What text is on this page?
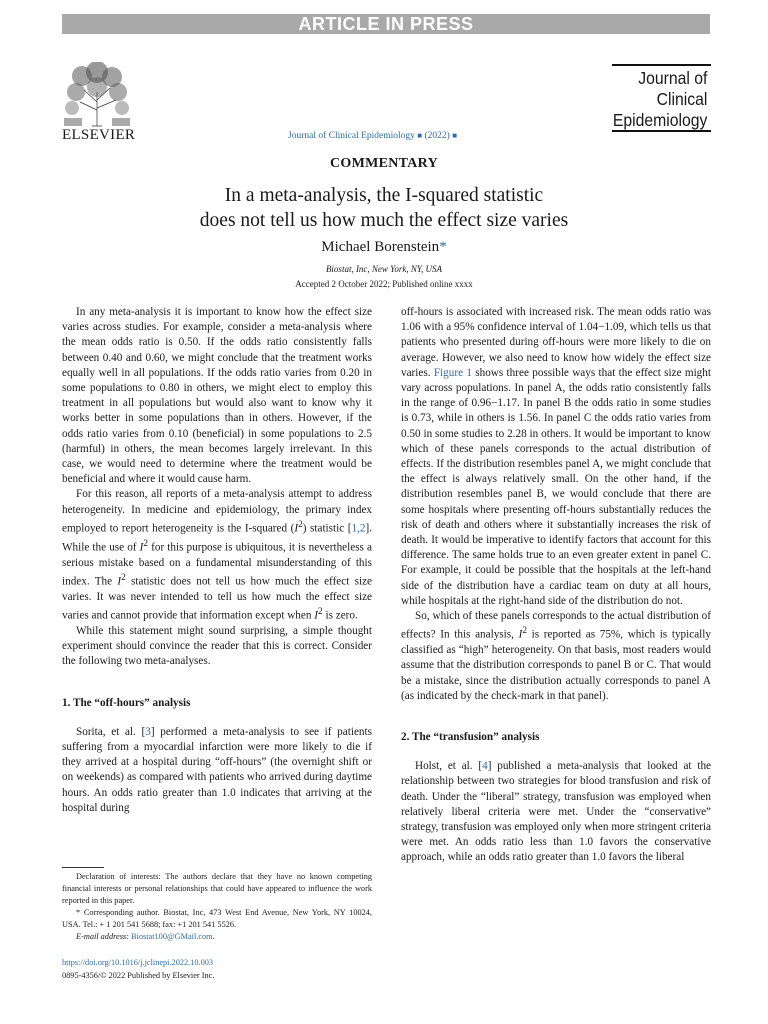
ARTICLE IN PRESS
ELSEVIER	Journal of Clinical Epidemiology ■ (2022) ■
Journal of
Clinical
Epidemiology
COMMENTARY
In a meta-analysis, the I-squared statistic
does not tell us how much the effect size varies
Michael Borenstein*
Biostat, Inc, New York, NY, USA
Accepted 2 October 2022; Published online xxxx

In any meta-analysis it is important to know how the effect size varies across studies. For example, consider a meta-analysis where the mean odds ratio is 0.50. If the odds ratio consistently falls between 0.40 and 0.60, we might conclude that the treatment works equally well in all populations. If the odds ratio varies from 0.20 in some populations to 0.80 in others, we might elect to employ this treatment in all populations but would also want to know why it works better in some populations than in others. However, if the odds ratio varies from 0.10 (beneficial) in some populations to 2.5 (harmful) in others, the mean becomes largely irrelevant. In this case, we would need to determine where the treatment would be beneficial and where it would cause harm.

For this reason, all reports of a meta-analysis attempt to address heterogeneity. In medicine and epidemiology, the primary index employed to report heterogeneity is the I-squared $(I^2)$ statistic [1,2]. While the use of $I^2$ for this purpose is ubiquitous, it is nevertheless a serious mistake based on a fundamental misunderstanding of this index. The $I^2$ statistic does not tell us how much the effect size varies. It was never intended to tell us how much the effect size varies and cannot provide that information except when $I^2$ is zero.

While this statement might sound surprising, a simple thought experiment should convince the reader that this is correct. Consider the following two meta-analyses.

1. The “off-hours” analysis

Sorita, et al. [3] performed a meta-analysis to see if patients suffering from a myocardial infarction were more likely to die if they arrived at a hospital during “off-hours” (the overnight shift or on weekends) as compared with patients who arrived during daytime hours. An odds ratio greater than 1.0 indicates that arriving at the hospital during

off-hours is associated with increased risk. The mean odds ratio was 1.06 with a 95% confidence interval of 1.04−1.09, which tells us that patients who presented during off-hours were more likely to die on average. However, we also need to know how widely the effect size varies. Figure 1 shows three possible ways that the effect size might vary across populations. In panel A, the odds ratio consistently falls in the range of 0.96−1.17. In panel B the odds ratio in some studies is 0.73, while in others is 1.56. In panel C the odds ratio varies from 0.50 in some studies to 2.28 in others. It would be important to know which of these panels corresponds to the actual distribution of effects. If the distribution resembles panel A, we might conclude that the effect is always relatively small. On the other hand, if the distribution resembles panel B, we would conclude that there are some hospitals where presenting off-hours substantially reduces the risk of death and others where it substantially increases the risk of death. It would be imperative to identify factors that account for this difference. The same holds true to an even greater extent in panel C. For example, it could be possible that the hospitals at the left-hand side of the distribution have a cardiac team on duty at all hours, while hospitals at the right-hand side of the distribution do not.

So, which of these panels corresponds to the actual distribution of effects? In this analysis, $I^2$ is reported as 75%, which is typically classified as “high” heterogeneity. On that basis, most readers would assume that the distribution corresponds to panel B or C. That would be a mistake, since the distribution actually corresponds to panel A (as indicated by the check-mark in that panel).

2. The “transfusion” analysis

Holst, et al. [4] published a meta-analysis that looked at the relationship between two strategies for blood transfusion and risk of death. Under the “liberal” strategy, transfusion was employed when relatively liberal criteria were met. Under the “conservative” strategy, transfusion was employed only when more stringent criteria were met. An odds ratio less than 1.0 favors the conservative approach, while an odds ratio greater than 1.0 favors the liberal

Declaration of interests: The authors declare that they have no known competing financial interests or personal relationships that could have appeared to influence the work reported in this paper.

* Corresponding author. Biostat, Inc, 473 West End Avenue, New York, NY 10024, USA. Tel.: + 1 201 541 5688; fax: +1 201 541 5526.

E-mail address: Biostat100@GMail.com.

https://doi.org/10.1016/j.jclinepi.2022.10.003
0895-4356/© 2022 Published by Elsevier Inc.
